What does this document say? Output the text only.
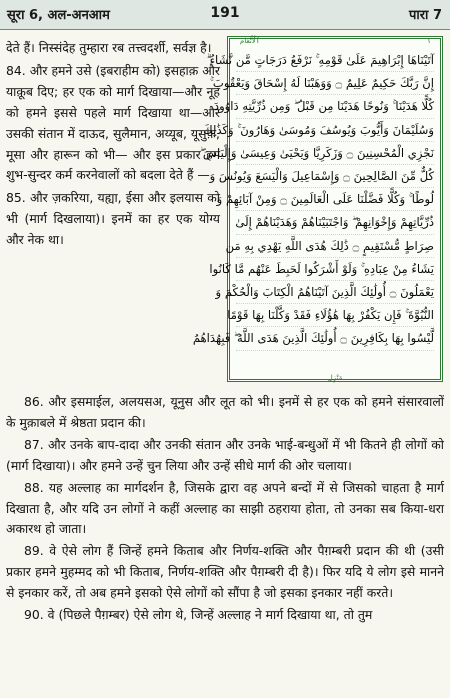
सूरा 6, अल-अनआम	191	पारा 7

देते हैं। निस्संदेह तुम्हारा रब तत्त्वदर्शी, सर्वज्ञ है।

84. और हमने उसे (इबराहीम को) इसहाक़ और याक़ूब दिए; हर एक को मार्ग दिखाया—और नूह को हमने इससे पहले मार्ग दिखाया था—और उसकी संतान में दाऊद, सुलैमान, अय्यूब, यूसुफ़, मूसा और हारून को भी— और इस प्रकार हम शुभ-सुन्दर कर्म करनेवालों को बदला देते हैं —

85. और ज़करिया, यह्या, ईसा और इलयास को भी (मार्ग दिखलाया)। इनमें का हर एक योग्य और नेक था।

ٱلْأَنْعَام	٦
آتَيْنَاهَا إِبْرَاهِيمَ عَلَىٰ قَوْمِهِ ۚ نَرْفَعُ دَرَجَاتٍ مَّن نَّشَاءُ ۗ
إِنَّ رَبَّكَ حَكِيمٌ عَلِيمٌ ۝ وَوَهَبْنَا لَهُ إِسْحَاقَ وَيَعْقُوبَ ۚ
كُلًّا هَدَيْنَا ۚ وَنُوحًا هَدَيْنَا مِن قَبْلُ ۖ وَمِن ذُرِّيَّتِهِ دَاوُودَ
وَسُلَيْمَانَ وَأَيُّوبَ وَيُوسُفَ وَمُوسَىٰ وَهَارُونَ ۚ وَكَذَٰلِكَ
نَجْزِي الْمُحْسِنِينَ ۝ وَزَكَرِيَّا وَيَحْيَىٰ وَعِيسَىٰ وَإِلْيَاسَ ۖ
كُلٌّ مِّنَ الصَّالِحِينَ ۝ وَإِسْمَاعِيلَ وَالْيَسَعَ وَيُونُسَ وَ
لُوطًا ۚ وَكُلًّا فَضَّلْنَا عَلَى الْعَالَمِينَ ۝ وَمِنْ آبَائِهِمْ وَ
ذُرِّيَّاتِهِمْ وَإِخْوَانِهِمْ ۖ وَاجْتَبَيْنَاهُمْ وَهَدَيْنَاهُمْ إِلَىٰ
صِرَاطٍ مُّسْتَقِيمٍ ۝ ذَٰلِكَ هُدَى اللَّهِ يَهْدِي بِهِ مَن
يَشَاءُ مِنْ عِبَادِهِ ۚ وَلَوْ أَشْرَكُوا لَحَبِطَ عَنْهُم مَّا كَانُوا
يَعْمَلُونَ ۝ أُولَٰئِكَ الَّذِينَ آتَيْنَاهُمُ الْكِتَابَ وَالْحُكْمَ وَ
النُّبُوَّةَ ۚ فَإِن يَكْفُرْ بِهَا هَٰؤُلَاءِ فَقَدْ وَكَّلْنَا بِهَا قَوْمًا
لَّيْسُوا بِهَا بِكَافِرِينَ ۝ أُولَٰئِكَ الَّذِينَ هَدَى اللَّهُ ۖ فَبِهُدَاهُمُ
مَنْزِل

86. और इसमाईल, अलयसअ, यूनुस और लूत को भी। इनमें से हर एक को हमने संसारवालों के मुक़ाबले में श्रेष्ठता प्रदान की।

87. और उनके बाप-दादा और उनकी संतान और उनके भाई-बन्धुओं में भी कितने ही लोगों को (मार्ग दिखाया)। और हमने उन्हें चुन लिया और उन्हें सीधे मार्ग की ओर चलाया।

88. यह अल्लाह का मार्गदर्शन है, जिसके द्वारा वह अपने बन्दों में से जिसको चाहता है मार्ग दिखाता है, और यदि उन लोगों ने कहीं अल्लाह का साझी ठहराया होता, तो उनका सब किया-धरा अकारथ हो जाता।

89. वे ऐसे लोग हैं जिन्हें हमने किताब और निर्णय-शक्ति और पैग़म्बरी प्रदान की थी (उसी प्रकार हमने मुहम्मद को भी किताब, निर्णय-शक्ति और पैग़म्बरी दी है)। फिर यदि ये लोग इसे मानने से इनकार करें, तो अब हमने इसको ऐसे लोगों को सौंपा है जो इसका इनकार नहीं करते।

90. वे (पिछले पैग़म्बर) ऐसे लोग थे, जिन्हें अल्लाह ने मार्ग दिखाया था, तो तुम
